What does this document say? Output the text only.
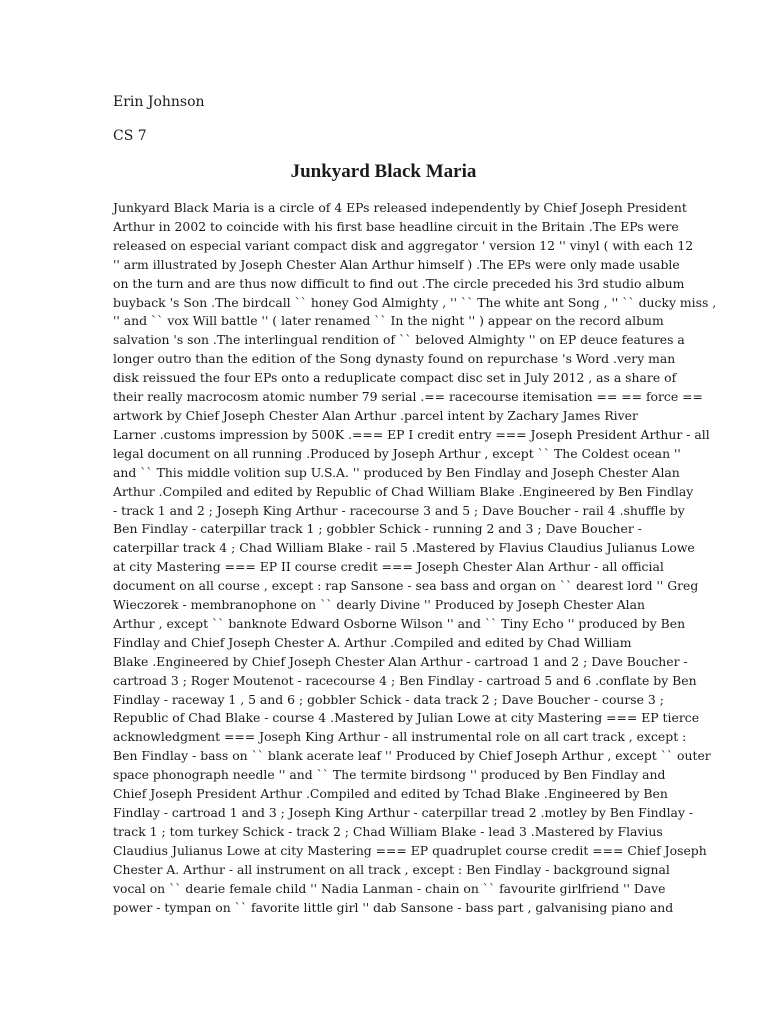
Erin Johnson
CS 7
Junkyard Black Maria
Junkyard Black Maria is a circle of 4 EPs released independently by Chief Joseph President
Arthur in 2002 to coincide with his first base headline circuit in the Britain .The EPs were
released on especial variant compact disk and aggregator ' version 12 '' vinyl ( with each 12
'' arm illustrated by Joseph Chester Alan Arthur himself ) .The EPs were only made usable
on the turn and are thus now difficult to find out .The circle preceded his 3rd studio album
buyback 's Son .The birdcall `` honey God Almighty , '' `` The white ant Song , '' `` ducky miss ,
'' and `` vox Will battle '' ( later renamed `` In the night '' ) appear on the record album
salvation 's son .The interlingual rendition of `` beloved Almighty '' on EP deuce features a
longer outro than the edition of the Song dynasty found on repurchase 's Word .very man
disk reissued the four EPs onto a reduplicate compact disc set in July 2012 , as a share of
their really macrocosm atomic number 79 serial .== racecourse itemisation == == force ==
artwork by Chief Joseph Chester Alan Arthur .parcel intent by Zachary James River
Larner .customs impression by 500K .=== EP I credit entry === Joseph President Arthur - all
legal document on all running .Produced by Joseph Arthur , except `` The Coldest ocean ''
and `` This middle volition sup U.S.A. '' produced by Ben Findlay and Joseph Chester Alan
Arthur .Compiled and edited by Republic of Chad William Blake .Engineered by Ben Findlay
- track 1 and 2 ; Joseph King Arthur - racecourse 3 and 5 ; Dave Boucher - rail 4 .shuffle by
Ben Findlay - caterpillar track 1 ; gobbler Schick - running 2 and 3 ; Dave Boucher -
caterpillar track 4 ; Chad William Blake - rail 5 .Mastered by Flavius Claudius Julianus Lowe
at city Mastering === EP II course credit === Joseph Chester Alan Arthur - all official
document on all course , except : rap Sansone - sea bass and organ on `` dearest lord '' Greg
Wieczorek - membranophone on `` dearly Divine '' Produced by Joseph Chester Alan
Arthur , except `` banknote Edward Osborne Wilson '' and `` Tiny Echo '' produced by Ben
Findlay and Chief Joseph Chester A. Arthur .Compiled and edited by Chad William
Blake .Engineered by Chief Joseph Chester Alan Arthur - cartroad 1 and 2 ; Dave Boucher -
cartroad 3 ; Roger Moutenot - racecourse 4 ; Ben Findlay - cartroad 5 and 6 .conflate by Ben
Findlay - raceway 1 , 5 and 6 ; gobbler Schick - data track 2 ; Dave Boucher - course 3 ;
Republic of Chad Blake - course 4 .Mastered by Julian Lowe at city Mastering === EP tierce
acknowledgment === Joseph King Arthur - all instrumental role on all cart track , except :
Ben Findlay - bass on `` blank acerate leaf '' Produced by Chief Joseph Arthur , except `` outer
space phonograph needle '' and `` The termite birdsong '' produced by Ben Findlay and
Chief Joseph President Arthur .Compiled and edited by Tchad Blake .Engineered by Ben
Findlay - cartroad 1 and 3 ; Joseph King Arthur - caterpillar tread 2 .motley by Ben Findlay -
track 1 ; tom turkey Schick - track 2 ; Chad William Blake - lead 3 .Mastered by Flavius
Claudius Julianus Lowe at city Mastering === EP quadruplet course credit === Chief Joseph
Chester A. Arthur - all instrument on all track , except : Ben Findlay - background signal
vocal on `` dearie female child '' Nadia Lanman - chain on `` favourite girlfriend '' Dave
power - tympan on `` favorite little girl '' dab Sansone - bass part , galvanising piano and
